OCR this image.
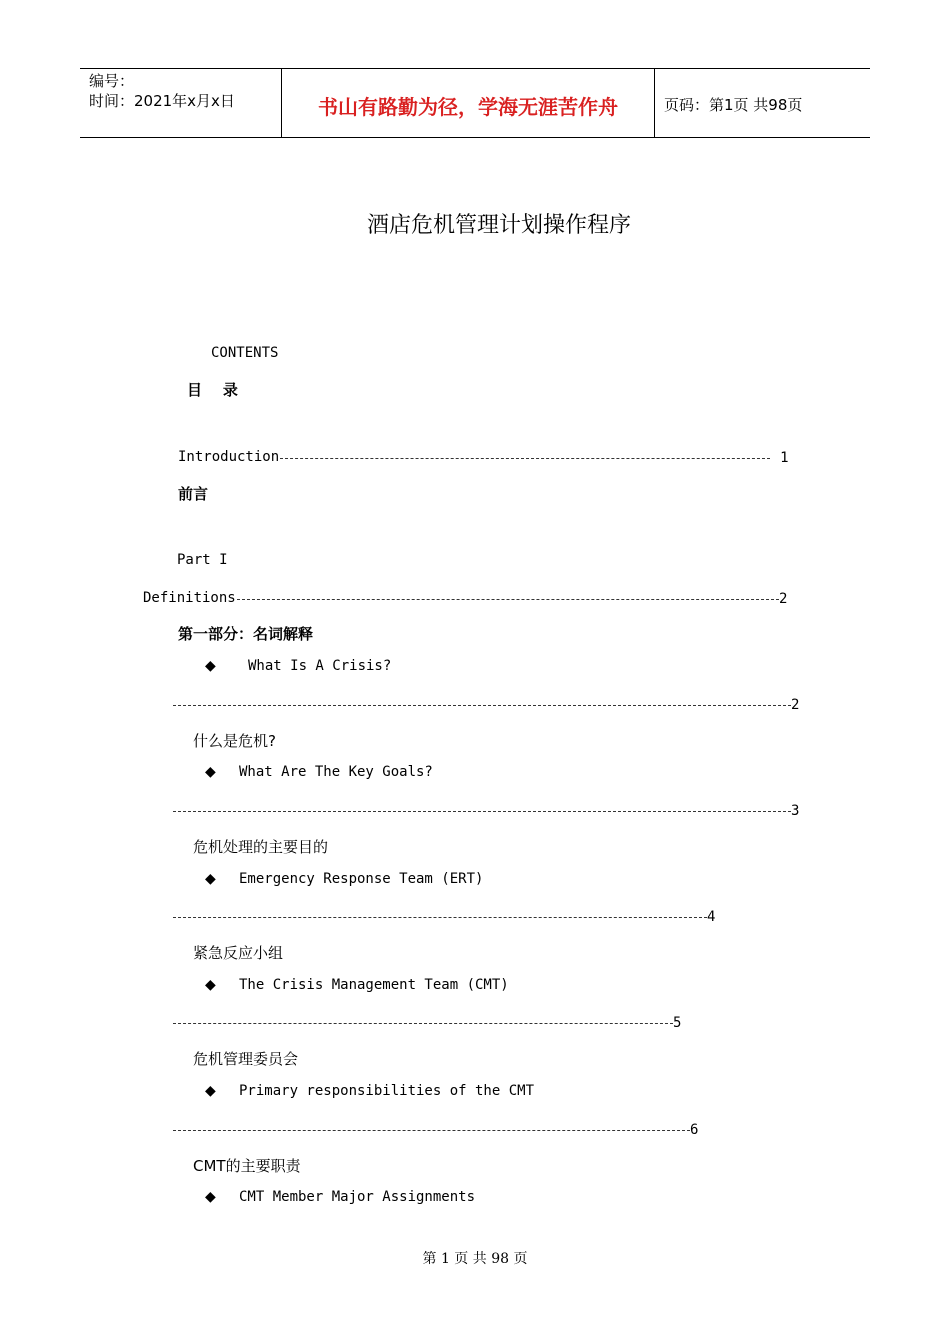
编号：
时间：2021年x月x日	书山有路勤为径，学海无涯苦作舟	页码：第1页 共98页
酒店危机管理计划操作程序
CONTENTS
目    录
Introduction	1
前言
Part I
Definitions	2
第一部分：名词解释
◆ What Is A Crisis?
2
什么是危机?
◆ What Are The Key Goals?
3
危机处理的主要目的
◆ Emergency Response Team (ERT)
4
紧急反应小组
◆ The Crisis Management Team (CMT)
5
危机管理委员会
◆ Primary responsibilities of the CMT
6
CMT的主要职责
◆ CMT Member Major Assignments
第 1 页 共 98 页
